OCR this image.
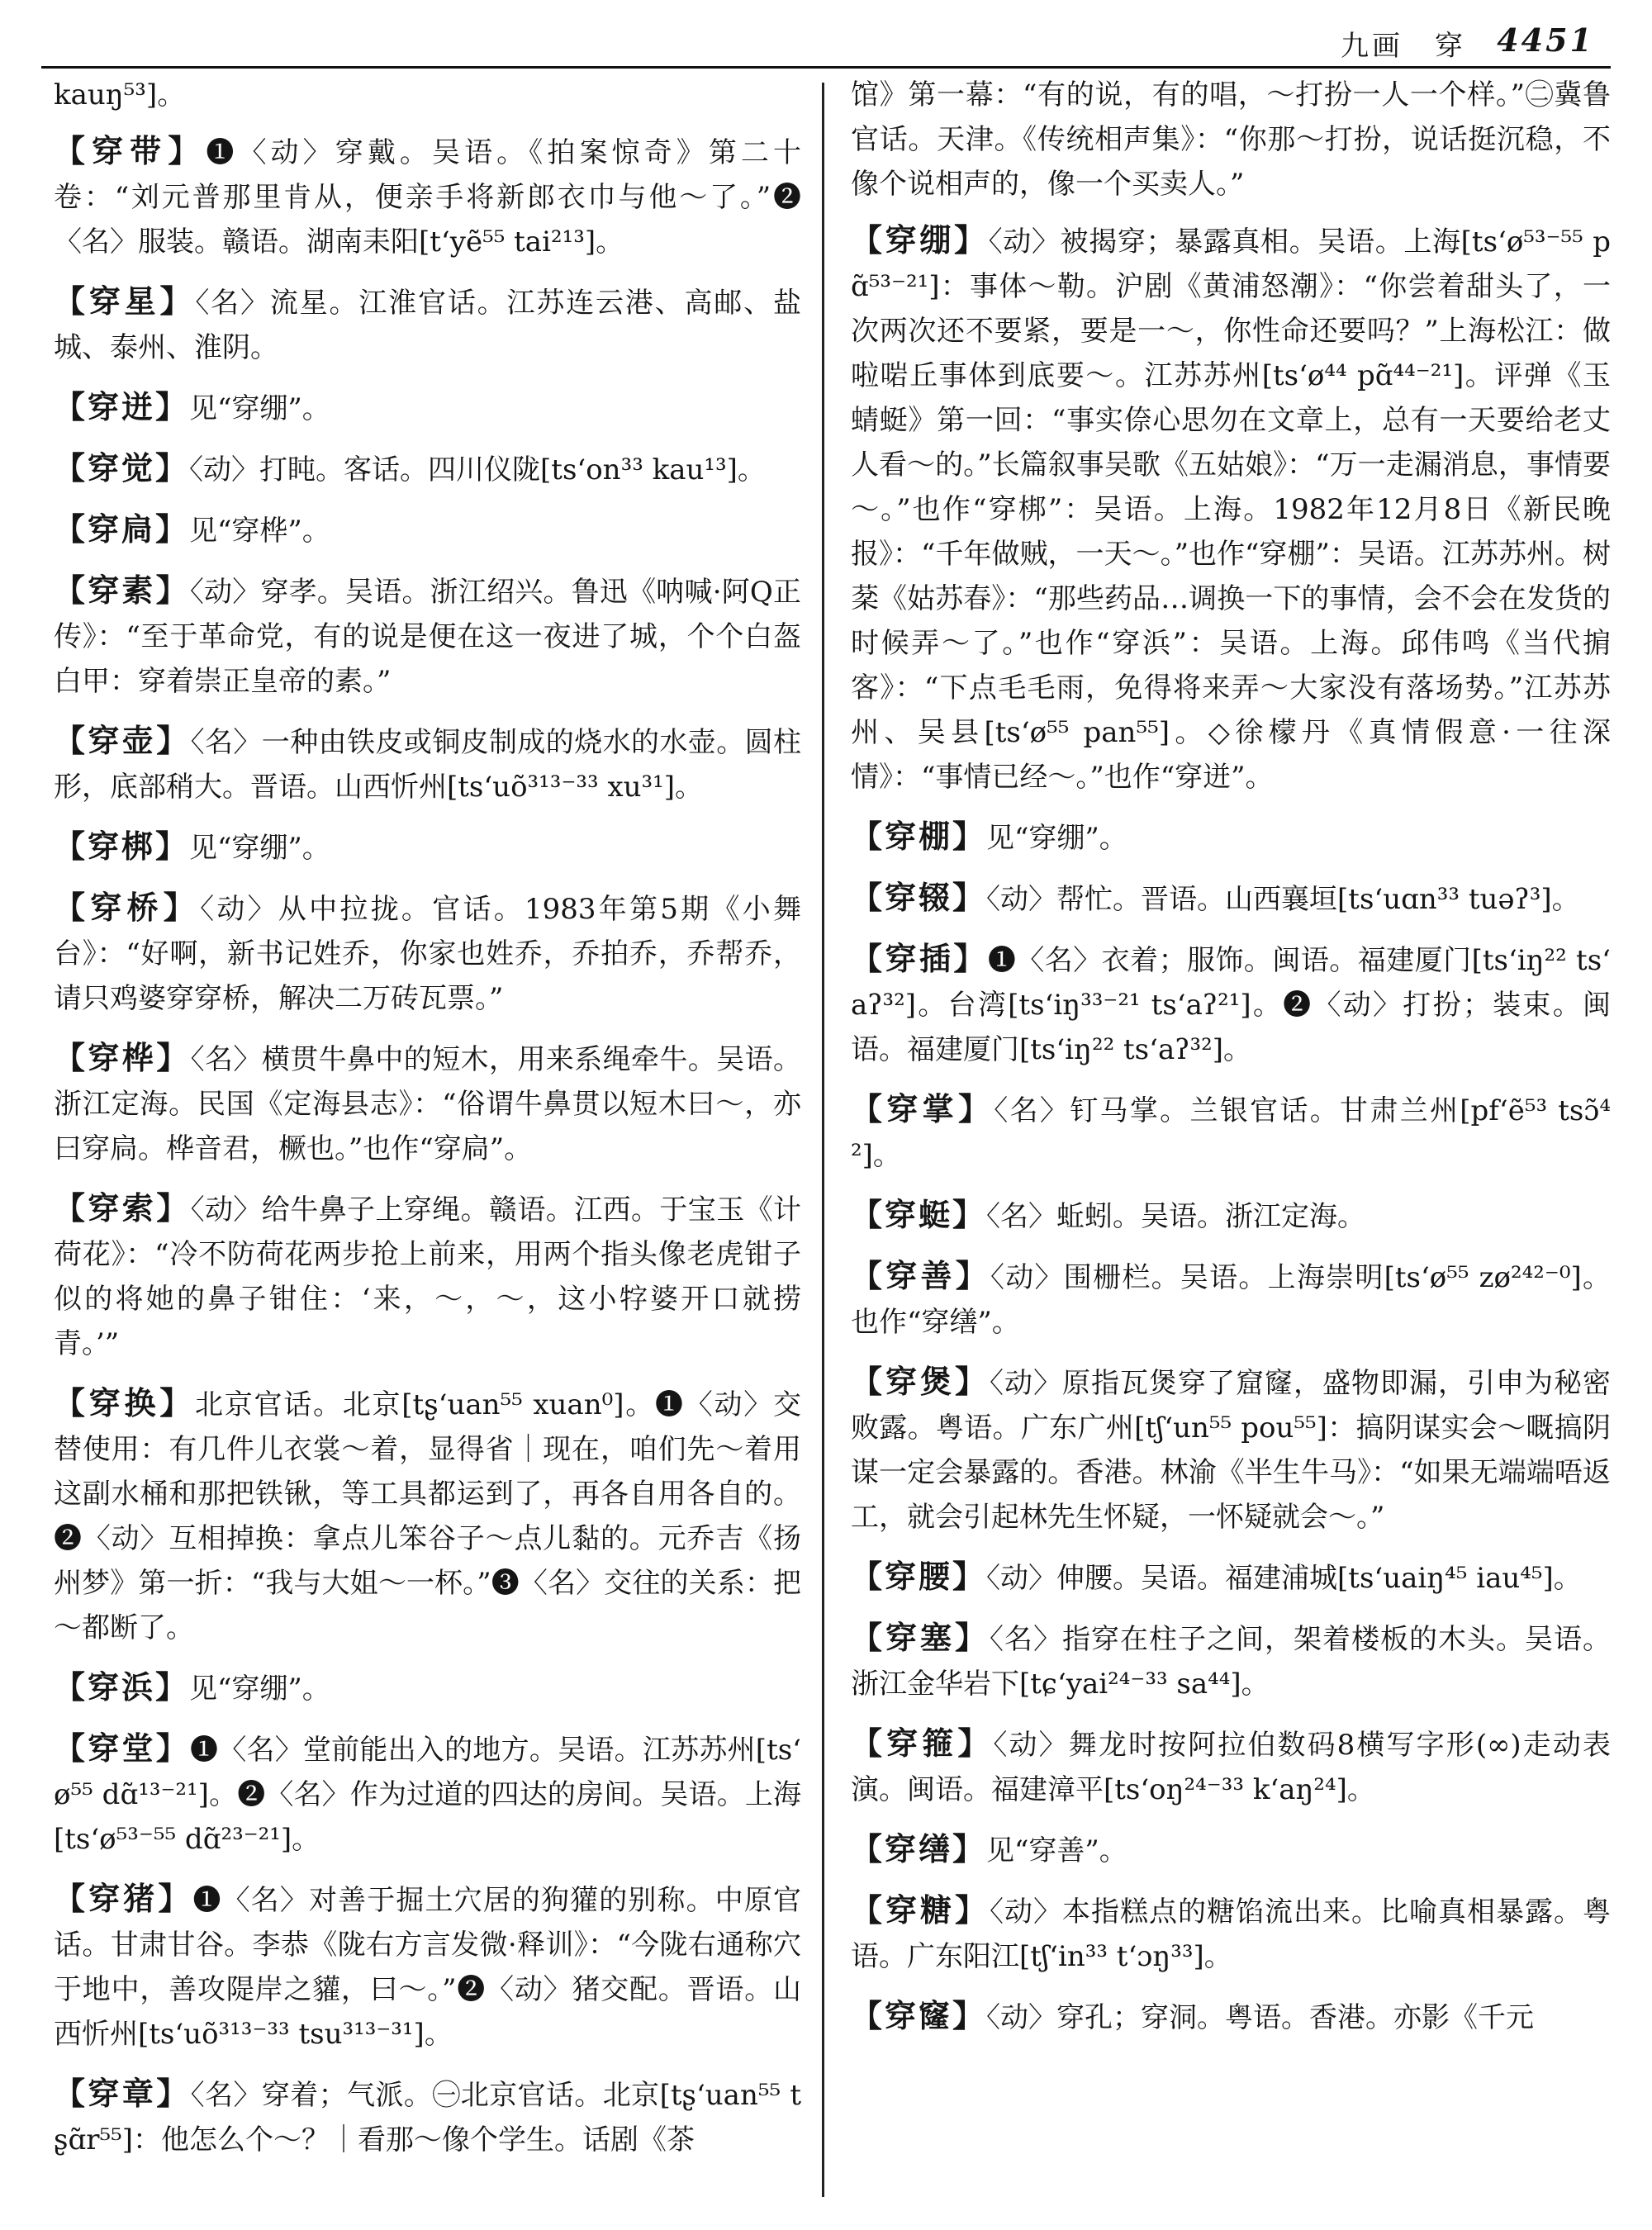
九画　穿 4451

kauŋ⁵³]。

【穿带】❶〈动〉穿戴。吴语。《拍案惊奇》第二十卷：“刘元普那里肯从，便亲手将新郎衣巾与他～了。”❷〈名〉服装。赣语。湖南耒阳[tʻyẽ⁵⁵ tai²¹³]。

【穿星】〈名〉流星。江淮官话。江苏连云港、高邮、盐城、泰州、淮阴。

【穿迸】见“穿绷”。

【穿觉】〈动〉打盹。客话。四川仪陇[tsʻon³³ kau¹³]。

【穿扃】见“穿桦”。

【穿素】〈动〉穿孝。吴语。浙江绍兴。鲁迅《呐喊·阿Q正传》：“至于革命党，有的说是便在这一夜进了城，个个白盔白甲：穿着崇正皇帝的素。”

【穿壶】〈名〉一种由铁皮或铜皮制成的烧水的水壶。圆柱形，底部稍大。晋语。山西忻州[tsʻuõ³¹³⁻³³ xu³¹]。

【穿梆】见“穿绷”。

【穿桥】〈动〉从中拉拢。官话。1983年第5期《小舞台》：“好啊，新书记姓乔，你家也姓乔，乔拍乔，乔帮乔，请只鸡婆穿穿桥，解决二万砖瓦票。”

【穿桦】〈名〉横贯牛鼻中的短木，用来系绳牵牛。吴语。浙江定海。民国《定海县志》：“俗谓牛鼻贯以短木曰～，亦曰穿扃。桦音君，橛也。”也作“穿扃”。

【穿索】〈动〉给牛鼻子上穿绳。赣语。江西。于宝玉《计荷花》：“冷不防荷花两步抢上前来，用两个指头像老虎钳子似的将她的鼻子钳住：‘来，～，～，这小牸婆开口就捞青。’”

【穿换】北京官话。北京[tʂʻuan⁵⁵ xuan⁰]。❶〈动〉交替使用：有几件儿衣裳～着，显得省｜现在，咱们先～着用这副水桶和那把铁锹，等工具都运到了，再各自用各自的。❷〈动〉互相掉换：拿点儿笨谷子～点儿黏的。元乔吉《扬州梦》第一折：“我与大姐～一杯。”❸〈名〉交往的关系：把～都断了。

【穿浜】见“穿绷”。

【穿堂】❶〈名〉堂前能出入的地方。吴语。江苏苏州[tsʻø⁵⁵ dɑ̃¹³⁻²¹]。❷〈名〉作为过道的四达的房间。吴语。上海[tsʻø⁵³⁻⁵⁵ dɑ̃²³⁻²¹]。

【穿猪】❶〈名〉对善于掘土穴居的狗獾的别称。中原官话。甘肃甘谷。李恭《陇右方言发微·释训》：“今陇右通称穴于地中，善攻隄岸之貛，曰～。”❷〈动〉猪交配。晋语。山西忻州[tsʻuõ³¹³⁻³³ tsu³¹³⁻³¹]。

【穿章】〈名〉穿着；气派。㊀北京官话。北京[tʂʻuan⁵⁵ tʂɑ̃r⁵⁵]：他怎么个～？｜看那～像个学生。话剧《茶

馆》第一幕：“有的说，有的唱，～打扮一人一个样。”㊁冀鲁官话。天津。《传统相声集》：“你那～打扮，说话挺沉稳，不像个说相声的，像一个买卖人。”

【穿绷】〈动〉被揭穿；暴露真相。吴语。上海[tsʻø⁵³⁻⁵⁵ pɑ̃⁵³⁻²¹]：事体～勒。沪剧《黄浦怒潮》：“你尝着甜头了，一次两次还不要紧，要是一～，你性命还要吗？”上海松江：做啦啱丘事体到底要～。江苏苏州[tsʻø⁴⁴ pɑ̃⁴⁴⁻²¹]。评弹《玉蜻蜓》第一回：“事实倷心思勿在文章上，总有一天要给老丈人看～的。”长篇叙事吴歌《五姑娘》：“万一走漏消息，事情要～。”也作“穿梆”：吴语。上海。1982年12月8日《新民晚报》：“千年做贼，一天～。”也作“穿棚”：吴语。江苏苏州。树棻《姑苏春》：“那些药品…调换一下的事情，会不会在发货的时候弄～了。”也作“穿浜”：吴语。上海。邱伟鸣《当代掮客》：“下点毛毛雨，免得将来弄～大家没有落场势。”江苏苏州、吴县[tsʻø⁵⁵ pan⁵⁵]。◇徐檬丹《真情假意·一往深情》：“事情已经～。”也作“穿迸”。

【穿棚】见“穿绷”。

【穿辍】〈动〉帮忙。晋语。山西襄垣[tsʻuɑn³³ tuəʔ³]。

【穿插】❶〈名〉衣着；服饰。闽语。福建厦门[tsʻiŋ²² tsʻaʔ³²]。台湾[tsʻiŋ³³⁻²¹ tsʻaʔ²¹]。❷〈动〉打扮；装束。闽语。福建厦门[tsʻiŋ²² tsʻaʔ³²]。

【穿掌】〈名〉钉马掌。兰银官话。甘肃兰州[pfʻẽ⁵³ tsɔ̃⁴²]。

【穿蜓】〈名〉蚯蚓。吴语。浙江定海。

【穿善】〈动〉围栅栏。吴语。上海崇明[tsʻø⁵⁵ zø²⁴²⁻⁰]。也作“穿缮”。

【穿煲】〈动〉原指瓦煲穿了窟窿，盛物即漏，引申为秘密败露。粤语。广东广州[tʃʻun⁵⁵ pou⁵⁵]：搞阴谋实会～嘅搞阴谋一定会暴露的。香港。林渝《半生牛马》：“如果无端端唔返工，就会引起林先生怀疑，一怀疑就会～。”

【穿腰】〈动〉伸腰。吴语。福建浦城[tsʻuaiŋ⁴⁵ iau⁴⁵]。

【穿塞】〈名〉指穿在柱子之间，架着楼板的木头。吴语。浙江金华岩下[tɕʻyai²⁴⁻³³ sa⁴⁴]。

【穿箍】〈动〉舞龙时按阿拉伯数码8横写字形(∞)走动表演。闽语。福建漳平[tsʻoŋ²⁴⁻³³ kʻaŋ²⁴]。

【穿缮】见“穿善”。

【穿糖】〈动〉本指糕点的糖馅流出来。比喻真相暴露。粤语。广东阳江[tʃʻin³³ tʻɔŋ³³]。

【穿窿】〈动〉穿孔；穿洞。粤语。香港。亦影《千元
